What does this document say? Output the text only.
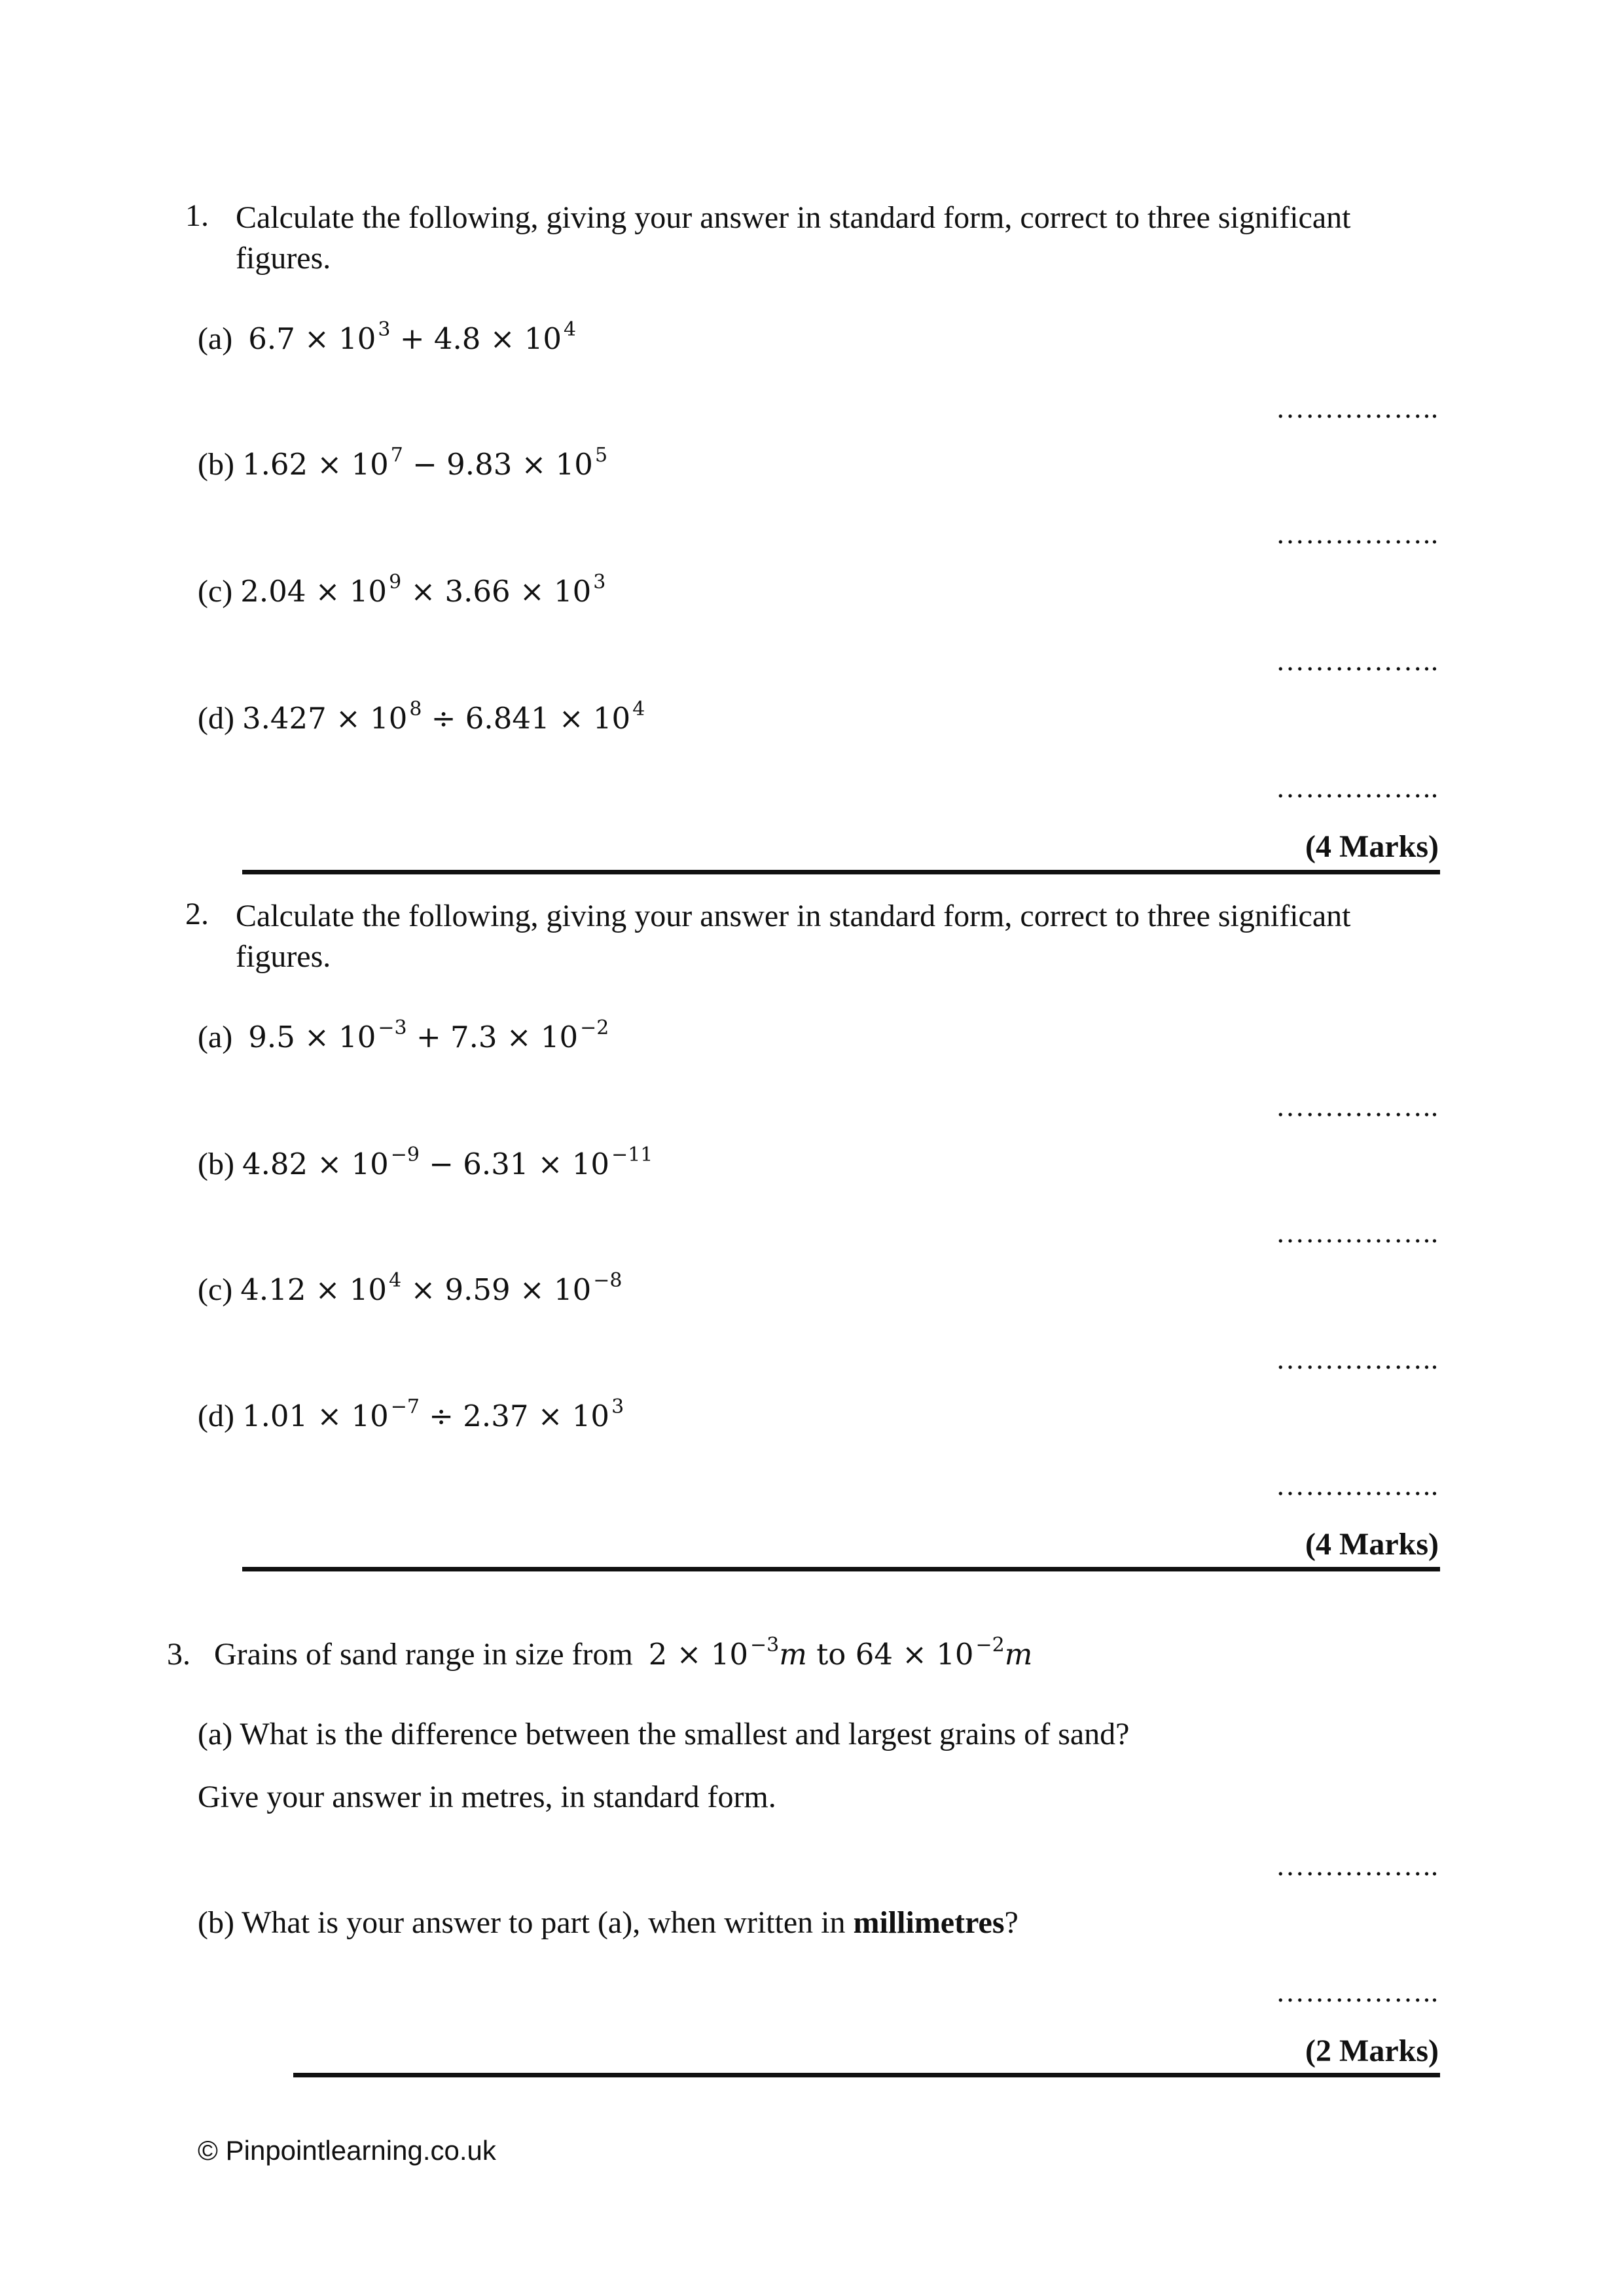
1. Calculate the following, giving your answer in standard form, correct to three significant figures.
(a) 6.7 × 10 $^3$ + 4.8 × 10 $^4$
……………..
(b) 1.62 × 10 $^7$ − 9.83 × 10 $^5$
……………..
(c) 2.04 × 10 $^9$ × 3.66 × 10 $^3$
……………..
(d) 3.427 × 10 $^8$ ÷ 6.841 × 10 $^4$
……………..
(4 Marks)
2. Calculate the following, giving your answer in standard form, correct to three significant figures.
(a) 9.5 × 10 $^{-3}$ + 7.3 × 10 $^{-2}$
……………..
(b) 4.82 × 10 $^{-9}$ − 6.31 × 10 $^{-11}$
……………..
(c) 4.12 × 10 $^4$ × 9.59 × 10 $^{-8}$
……………..
(d) 1.01 × 10 $^{-7}$ ÷ 2.37 × 10 $^3$
……………..
(4 Marks)
3. Grains of sand range in size from 2 × 10 $^{-3}$m to 64 × 10 $^{-2}$m
(a) What is the difference between the smallest and largest grains of sand?
Give your answer in metres, in standard form.
……………..
(b) What is your answer to part (a), when written in millimetres?
……………..
(2 Marks)
© Pinpointlearning.co.uk
